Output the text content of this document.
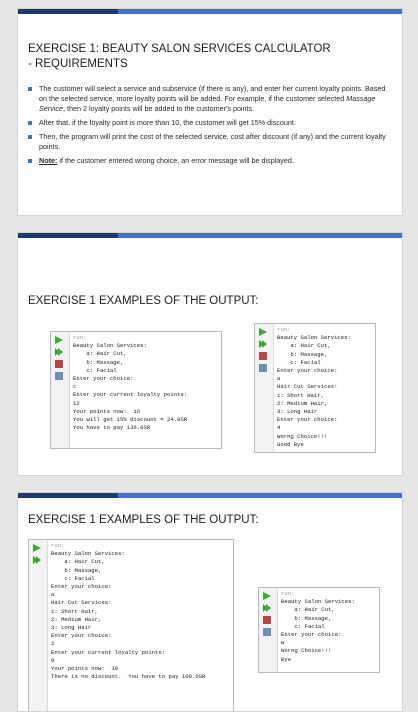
EXERCISE 1: BEAUTY SALON SERVICES CALCULATOR
- REQUIREMENTS
The customer will select a service and subservice (if there is any), and enter her current loyalty points. Based on the selected service, more loyalty points will be added. For example, if the customer selected Massage Service, then 2 loyalty points will be added to the customer's points.
After that, if the loyalty point is more than 10, the customer will get 15% discount.
Then, the program will print the cost of the selected service, cost after discount (if any) and the current loyalty points.
Note: if the customer entered wrong choice, an error message will be displayed.
EXERCISE 1 EXAMPLES OF THE OUTPUT:
run:
Beauty Salon Services:
a: Hair Cut,
b: Massage,
c: Facial
Enter your choice:
c
Enter your current loyalty points:
12
Your points now:  16
You will get 15% discount = 24.0SR
You have to pay 136.0SR
run:
Beauty Salon Services:
a: Hair Cut,
b: Massage,
c: Facial
Enter your choice:
a
Hair Cut Services:
1: Short Hair,
2: Medium Hair,
3: Long Hair
Enter your choice:
4
Worng Choice!!!
Good Bye
EXERCISE 1 EXAMPLES OF THE OUTPUT:
run:
Beauty Salon Services:
a: Hair Cut,
b: Massage,
c: Facial
Enter your choice:
a
Hair Cut Services:
1: Short Hair,
2: Medium Hair,
3: Long Hair
Enter your choice:
2
Enter your current loyalty points:
9
Your points now:  10
There is no discount.  You have to pay 100.0SR
run:
Beauty Salon Services:
a: Hair Cut,
b: Massage,
c: Facial
Enter your choice:
w
Worng Choice!!!
Bye
